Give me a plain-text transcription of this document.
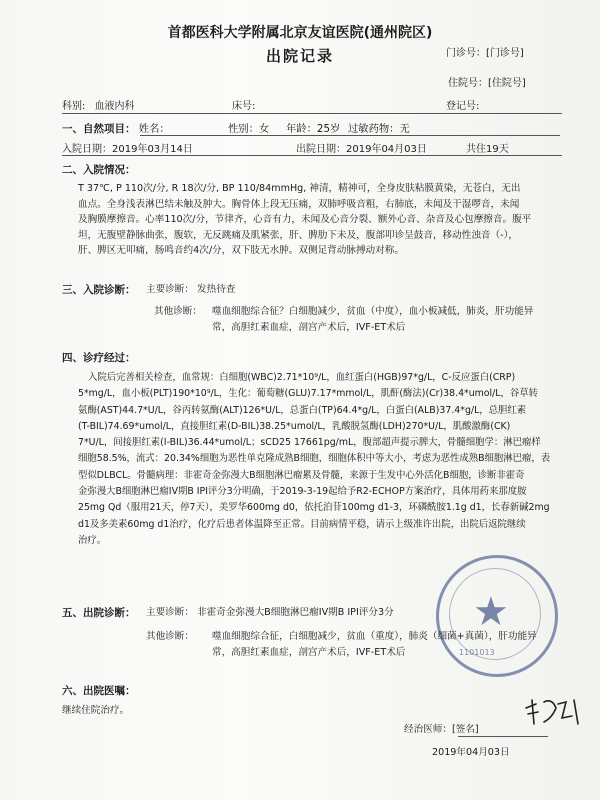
首都医科大学附属北京友谊医院(通州院区)
出院记录	门诊号：[门诊号]
住院号：[住院号]
科别: 血液内科	床号:	登记号:
一、自然项目： 姓名：	性别：女 年龄：25岁 过敏药物：无
入院日期：2019年03月14日	出院日期：2019年04月03日	共住19天
二、入院情况：
T 37℃, P 110次/分, R 18次/分, BP 110/84mmHg, 神清，精神可，全身皮肤粘膜黄染，无苍白，无出
血点。全身浅表淋巴结未触及肿大。胸骨体上段无压痛，双肺呼吸音粗，右肺底，未闻及干湿啰音，未闻
及胸膜摩擦音。心率110次/分，节律齐，心音有力，未闻及心音分裂、额外心音、杂音及心包摩擦音。腹平
坦，无腹壁静脉曲张，腹软，无反跳痛及肌紧张，肝、脾肋下未及，腹部叩诊呈鼓音，移动性浊音（-），
肝、脾区无叩痛，肠鸣音约4次/分，双下肢无水肿。双侧足背动脉搏动对称。
三、入院诊断： 主要诊断： 发热待查
其他诊断： 噬血细胞综合征？白细胞减少，贫血（中度），血小板减低，肺炎，肝功能异
常，高胆红素血症，剖宫产术后，IVF-ET术后
四、诊疗经过：
入院后完善相关检查，血常规：白细胞(WBC)2.71*10⁹/L，血红蛋白(HGB)97*g/L，C-反应蛋白(CRP)
5*mg/L，血小板(PLT)190*10⁹/L，生化：葡萄糖(GLU)7.17*mmol/L，肌酐(酶法)(Cr)38.4*umol/L，谷草转
氨酶(AST)44.7*U/L，谷丙转氨酶(ALT)126*U/L，总蛋白(TP)64.4*g/L，白蛋白(ALB)37.4*g/L，总胆红素
(T-BIL)74.69*umol/L，直接胆红素(D-BIL)38.25*umol/L，乳酸脱氢酶(LDH)270*U/L，肌酸激酶(CK)
7*U/L，间接胆红素(I-BIL)36.44*umol/L；sCD25 17661pg/mL，腹部超声提示脾大，骨髓细胞学：淋巴瘤样
细胞58.5%，流式：20.34%细胞为恶性单克隆成熟B细胞，细胞体积中等大小，考虑为恶性成熟B细胞淋巴瘤，表
型似DLBCL。骨髓病理：非霍奇金弥漫大B细胞淋巴瘤累及骨髓，来源于生发中心外活化B细胞，诊断非霍奇
金弥漫大B细胞淋巴瘤IV期B IPI评分3分明确，于2019-3-19起给予R2-ECHOP方案治疗，具体用药来那度胺
25mg Qd（服用21天，停7天），美罗华600mg d0，依托泊苷100mg d1-3，环磷酰胺1.1g d1，长春新碱2mg
d1及多美素60mg d1治疗，化疗后患者体温降至正常。目前病情平稳，请示上级准许出院，出院后返院继续
治疗。
五、出院诊断： 主要诊断： 非霍奇金弥漫大B细胞淋巴瘤IV期B IPI评分3分
其他诊断： 噬血细胞综合征，白细胞减少，贫血（重度），肺炎（细菌+真菌），肝功能异
常，高胆红素血症，剖宫产术后，IVF-ET术后
六、出院医嘱：
继续住院治疗。
★
1101013
经治医师：[签名]
2019年04月03日
